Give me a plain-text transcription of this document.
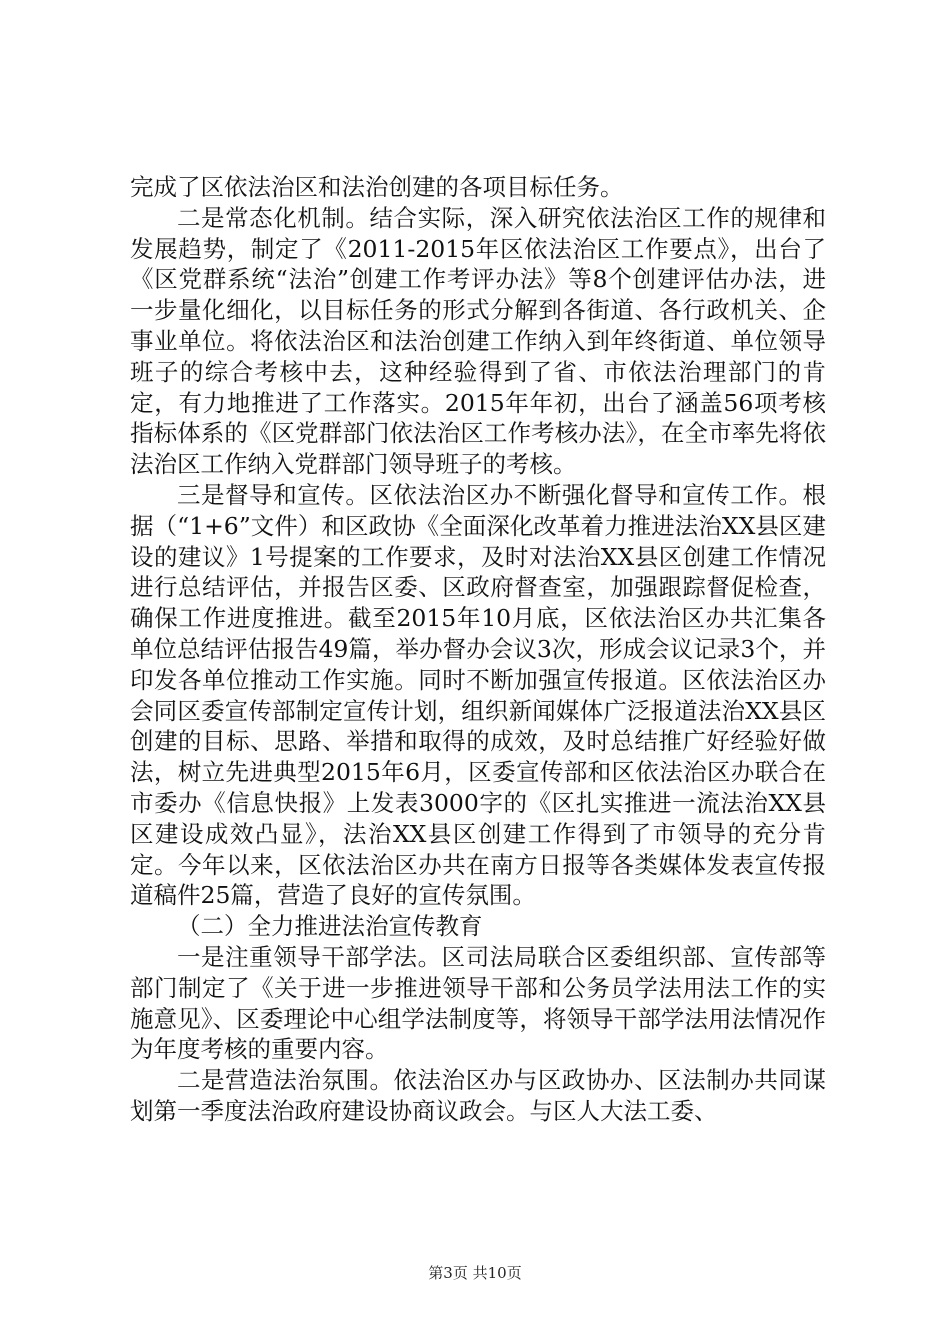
完成了区依法治区和法治创建的各项目标任务。

二是常态化机制。结合实际，深入研究依法治区工作的规律和发展趋势，制定了《2011-2015年区依法治区工作要点》，出台了《区党群系统“法治”创建工作考评办法》等8个创建评估办法，进一步量化细化，以目标任务的形式分解到各街道、各行政机关、企事业单位。将依法治区和法治创建工作纳入到年终街道、单位领导班子的综合考核中去，这种经验得到了省、市依法治理部门的肯定，有力地推进了工作落实。2015年年初，出台了涵盖56项考核指标体系的《区党群部门依法治区工作考核办法》，在全市率先将依法治区工作纳入党群部门领导班子的考核。

三是督导和宣传。区依法治区办不断强化督导和宣传工作。根据（“1+6”文件）和区政协《全面深化改革着力推进法治XX县区建设的建议》1号提案的工作要求，及时对法治XX县区创建工作情况进行总结评估，并报告区委、区政府督查室，加强跟踪督促检查，确保工作进度推进。截至2015年10月底，区依法治区办共汇集各单位总结评估报告49篇，举办督办会议3次，形成会议记录3个，并印发各单位推动工作实施。同时不断加强宣传报道。区依法治区办会同区委宣传部制定宣传计划，组织新闻媒体广泛报道法治XX县区创建的目标、思路、举措和取得的成效，及时总结推广好经验好做法，树立先进典型2015年6月，区委宣传部和区依法治区办联合在市委办《信息快报》上发表3000字的《区扎实推进一流法治XX县区建设成效凸显》，法治XX县区创建工作得到了市领导的充分肯定。今年以来，区依法治区办共在南方日报等各类媒体发表宣传报道稿件25篇，营造了良好的宣传氛围。

（二）全力推进法治宣传教育

一是注重领导干部学法。区司法局联合区委组织部、宣传部等部门制定了《关于进一步推进领导干部和公务员学法用法工作的实施意见》、区委理论中心组学法制度等，将领导干部学法用法情况作为年度考核的重要内容。

二是营造法治氛围。依法治区办与区政协办、区法制办共同谋划第一季度法治政府建设协商议政会。与区人大法工委、

第3页 共10页
